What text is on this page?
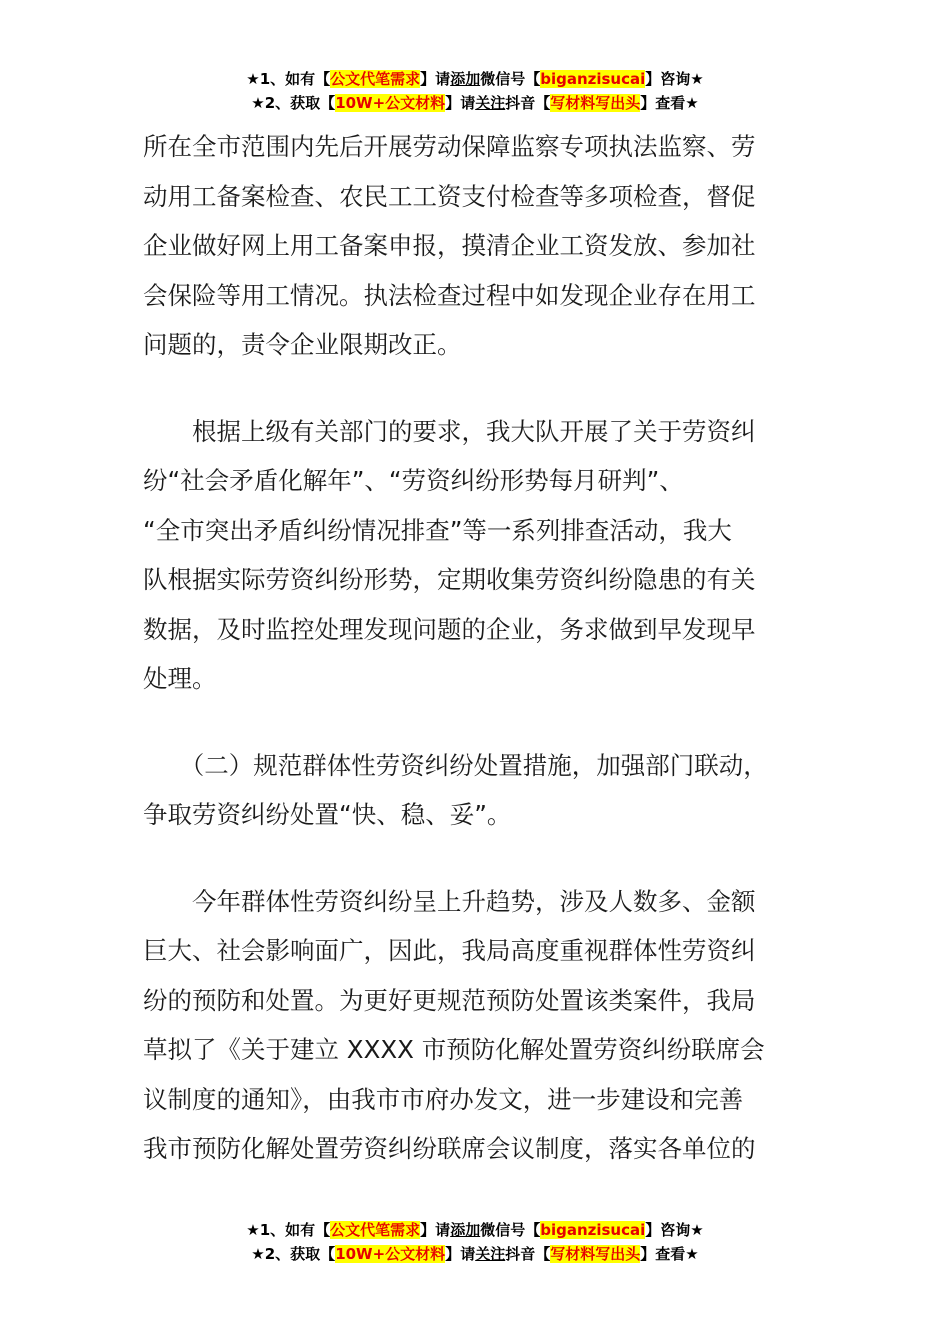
★1、如有【公文代笔需求】请添加微信号【biganzisucai】咨询★
★2、获取【10W+公文材料】请关注抖音【写材料写出头】查看★

所在全市范围内先后开展劳动保障监察专项执法监察、劳
动用工备案检查、农民工工资支付检查等多项检查，督促
企业做好网上用工备案申报，摸清企业工资发放、参加社
会保险等用工情况。执法检查过程中如发现企业存在用工
问题的，责令企业限期改正。

　　根据上级有关部门的要求，我大队开展了关于劳资纠
纷“社会矛盾化解年”、“劳资纠纷形势每月研判”、
“全市突出矛盾纠纷情况排查”等一系列排查活动，我大
队根据实际劳资纠纷形势，定期收集劳资纠纷隐患的有关
数据，及时监控处理发现问题的企业，务求做到早发现早
处理。

　　（二）规范群体性劳资纠纷处置措施，加强部门联动，
争取劳资纠纷处置“快、稳、妥”。

　　今年群体性劳资纠纷呈上升趋势，涉及人数多、金额
巨大、社会影响面广，因此，我局高度重视群体性劳资纠
纷的预防和处置。为更好更规范预防处置该类案件，我局
草拟了《关于建立 XXXX 市预防化解处置劳资纠纷联席会
议制度的通知》，由我市市府办发文，进一步建设和完善
我市预防化解处置劳资纠纷联席会议制度，落实各单位的

★1、如有【公文代笔需求】请添加微信号【biganzisucai】咨询★
★2、获取【10W+公文材料】请关注抖音【写材料写出头】查看★
